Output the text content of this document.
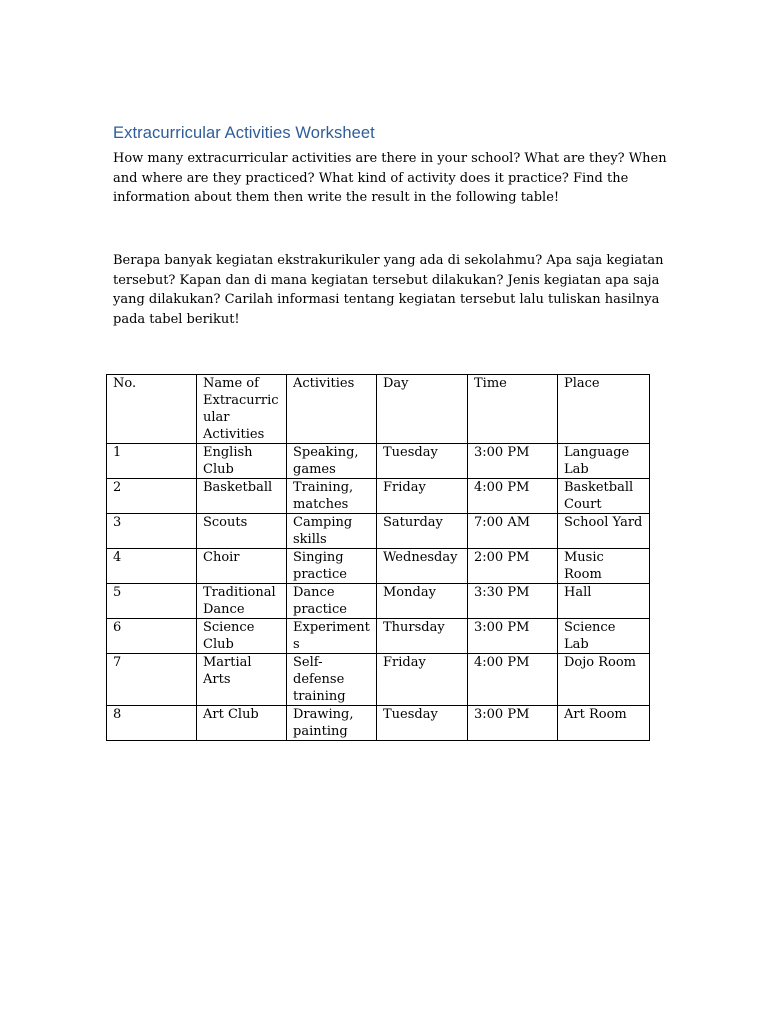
Extracurricular Activities Worksheet

How many extracurricular activities are there in your school? What are they? When and where are they practiced? What kind of activity does it practice? Find the information about them then write the result in the following table!

Berapa banyak kegiatan ekstrakurikuler yang ada di sekolahmu? Apa saja kegiatan tersebut? Kapan dan di mana kegiatan tersebut dilakukan? Jenis kegiatan apa saja yang dilakukan? Carilah informasi tentang kegiatan tersebut lalu tuliskan hasilnya pada tabel berikut!

No.	Name of Extracurricular Activities	Activities	Day	Time	Place
1	English Club	Speaking, games	Tuesday	3:00 PM	Language Lab
2	Basketball	Training, matches	Friday	4:00 PM	Basketball Court
3	Scouts	Camping skills	Saturday	7:00 AM	School Yard
4	Choir	Singing practice	Wednesday	2:00 PM	Music Room
5	Traditional Dance	Dance practice	Monday	3:30 PM	Hall
6	Science Club	Experiments	Thursday	3:00 PM	Science Lab
7	Martial Arts	Self-defense training	Friday	4:00 PM	Dojo Room
8	Art Club	Drawing, painting	Tuesday	3:00 PM	Art Room
